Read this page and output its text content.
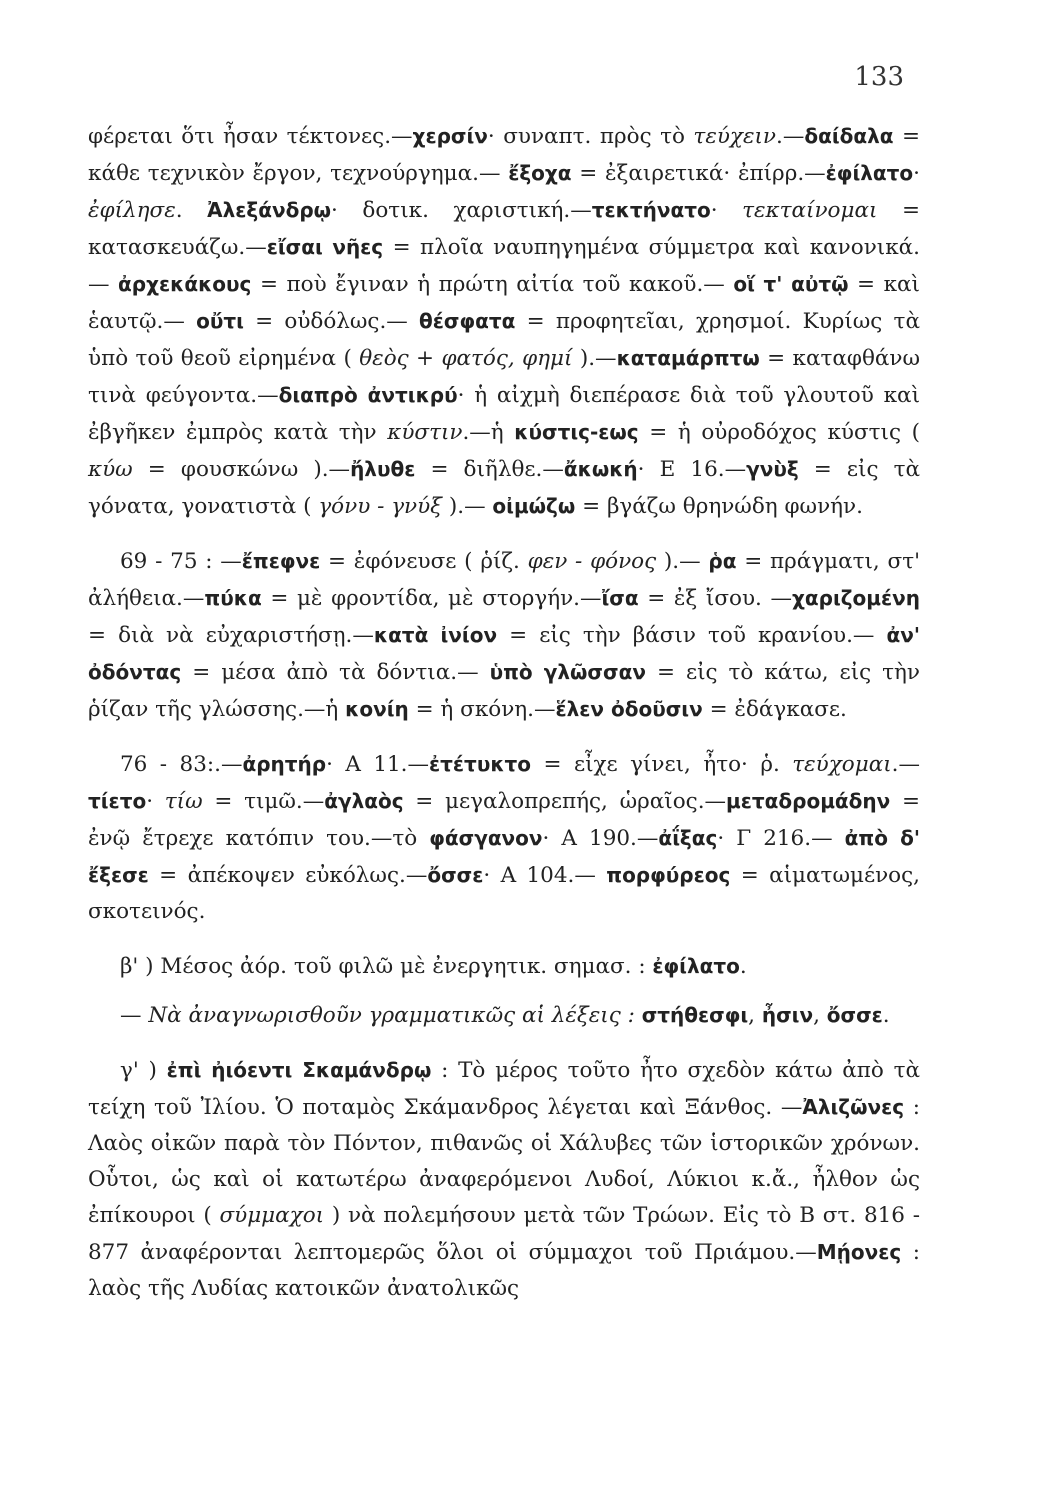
133

φέρεται ὅτι ἦσαν τέκτονες.—χερσίν· συναπτ. πρὸς τὸ τεύχειν.—δαίδαλα = κάθε τεχνικὸν ἔργον, τεχνούργημα.— ἔξοχα = ἐξαιρετικά· ἐπίρρ.—ἐφίλατο· ἐφίλησε. Ἀλεξάνδρῳ· δοτικ. χαριστική.—τεκτήνατο· τεκταίνομαι = κατασκευάζω.—εἴσαι νῆες = πλοῖα ναυπηγημένα σύμμετρα καὶ κανονικά.— ἀρχεκάκους = ποὺ ἔγιναν ἡ πρώτη αἰτία τοῦ κακοῦ.— οἵ τ' αὐτῷ = καὶ ἑαυτῷ.— οὔτι = οὐδόλως.— θέσφατα = προφητεῖαι, χρησμοί. Κυρίως τὰ ὑπὸ τοῦ θεοῦ εἰρημένα ( θεὸς + φατός, φημί ).—καταμάρπτω = καταφθάνω τινὰ φεύγοντα.—διαπρὸ ἀντικρύ· ἡ αἰχμὴ διεπέρασε διὰ τοῦ γλουτοῦ καὶ ἐβγῆκεν ἐμπρὸς κατὰ τὴν κύστιν.—ἡ κύστις-εως = ἡ οὐροδόχος κύστις ( κύω = φουσκώνω ).—ἤλυθε = διῆλθε.—ἄκωκή· Ε 16.—γνὺξ = εἰς τὰ γόνατα, γονατιστὰ ( γόνυ - γνύξ ).— οἰμώζω = βγάζω θρηνώδη φωνήν.

69 - 75 : —ἔπεφνε = ἐφόνευσε ( ῥίζ. φεν - φόνος ).— ῥα = πράγματι, στ' ἀλήθεια.—πύκα = μὲ φροντίδα, μὲ στοργήν.—ἴσα = ἐξ ἴσου. —χαριζομένη = διὰ νὰ εὐχαριστήσῃ.—κατὰ ἰνίον = εἰς τὴν βάσιν τοῦ κρανίου.— ἀν' ὀδόντας = μέσα ἀπὸ τὰ δόντια.— ὑπὸ γλῶσσαν = εἰς τὸ κάτω, εἰς τὴν ῥίζαν τῆς γλώσσης.—ἡ κονίη = ἡ σκόνη.—ἕλεν ὀδοῦσιν = ἐδάγκασε.

76 - 83:.—ἀρητήρ· Α 11.—ἐτέτυκτο = εἶχε γίνει, ἦτο· ῥ. τεύχομαι.—τίετο· τίω = τιμῶ.—ἀγλαὸς = μεγαλοπρεπής, ὡραῖος.—μεταδρομάδην = ἐνῷ ἔτρεχε κατόπιν του.—τὸ φάσγανον· Α 190.—ἀΐξας· Γ 216.— ἀπὸ δ' ἔξεσε = ἀπέκοψεν εὐκόλως.—ὄσσε· Α 104.— πορφύρεος = αἱματωμένος, σκοτεινός.

β' ) Μέσος ἀόρ. τοῦ φιλῶ μὲ ἐνεργητικ. σημασ. : ἐφίλατο.

— Νὰ ἀναγνωρισθοῦν γραμματικῶς αἱ λέξεις : στήθεσφι, ἦσιν, ὄσσε.

γ' ) ἐπὶ ἠιόεντι Σκαμάνδρῳ : Τὸ μέρος τοῦτο ἦτο σχεδὸν κάτω ἀπὸ τὰ τείχη τοῦ Ἰλίου. Ὁ ποταμὸς Σκάμανδρος λέγεται καὶ Ξάνθος. —Ἀλιζῶνες : Λαὸς οἰκῶν παρὰ τὸν Πόντον, πιθανῶς οἱ Χάλυβες τῶν ἱστορικῶν χρόνων. Οὗτοι, ὡς καὶ οἱ κατωτέρω ἀναφερόμενοι Λυδοί, Λύκιοι κ.ἄ., ἦλθον ὡς ἐπίκουροι ( σύμμαχοι ) νὰ πολεμήσουν μετὰ τῶν Τρώων. Εἰς τὸ Β στ. 816 - 877 ἀναφέρονται λεπτομερῶς ὅλοι οἱ σύμμαχοι τοῦ Πριάμου.—Μῄονες : λαὸς τῆς Λυδίας κατοικῶν ἀνατολικῶς
